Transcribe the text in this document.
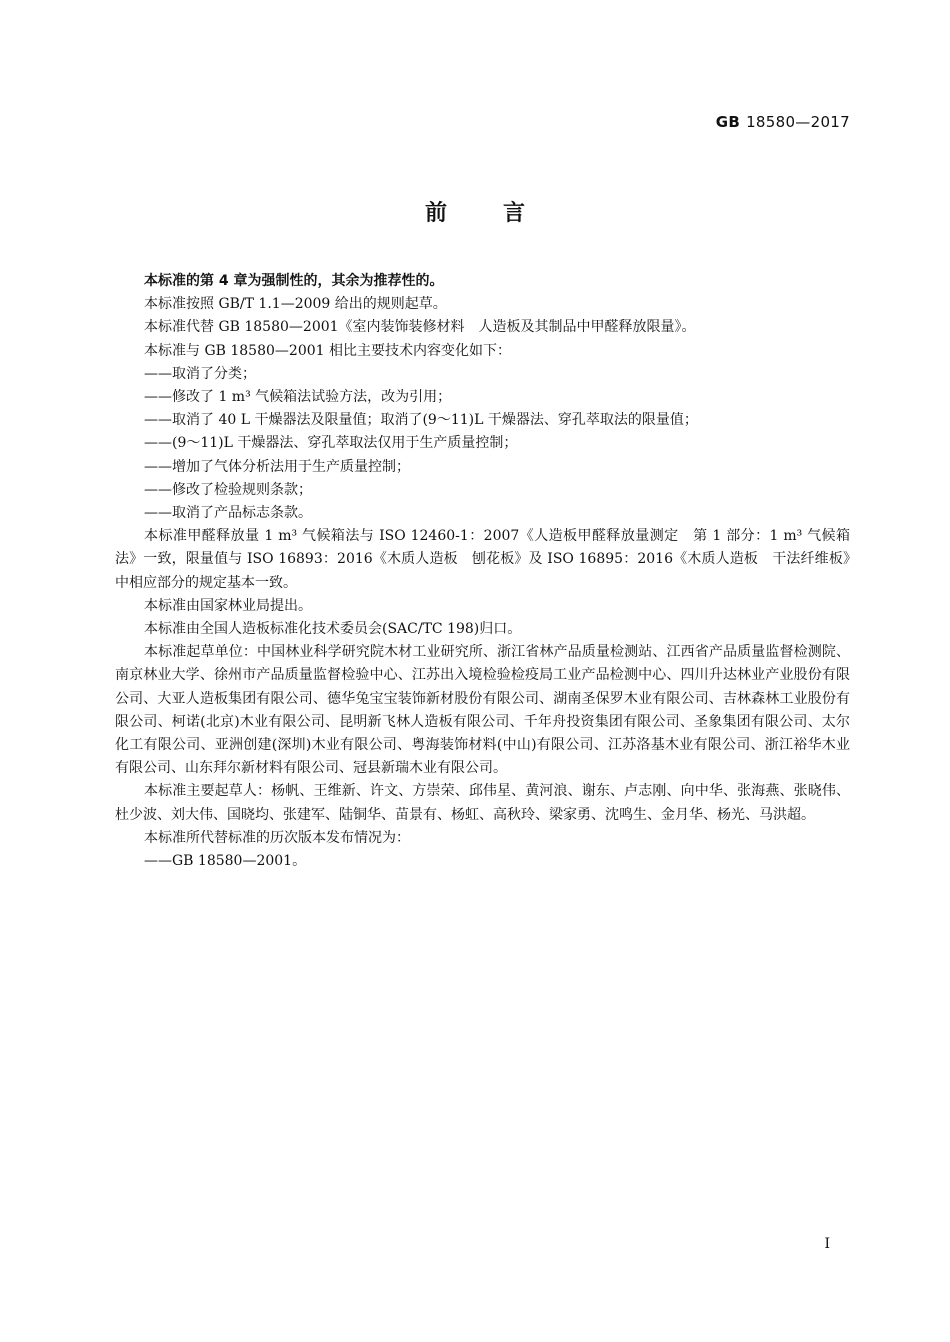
GB 18580—2017
前言
本标准的第 4 章为强制性的，其余为推荐性的。
本标准按照 GB/T 1.1—2009 给出的规则起草。
本标准代替 GB 18580—2001《室内装饰装修材料　人造板及其制品中甲醛释放限量》。
本标准与 GB 18580—2001 相比主要技术内容变化如下：
——取消了分类；
——修改了 1 m³ 气候箱法试验方法，改为引用；
——取消了 40 L 干燥器法及限量值；取消了(9～11)L 干燥器法、穿孔萃取法的限量值；
——(9～11)L 干燥器法、穿孔萃取法仅用于生产质量控制；
——增加了气体分析法用于生产质量控制；
——修改了检验规则条款；
——取消了产品标志条款。
本标准甲醛释放量 1 m³ 气候箱法与 ISO 12460-1：2007《人造板甲醛释放量测定　第 1 部分：1 m³ 气候箱法》一致，限量值与 ISO 16893：2016《木质人造板　刨花板》及 ISO 16895：2016《木质人造板　干法纤维板》中相应部分的规定基本一致。
本标准由国家林业局提出。
本标准由全国人造板标准化技术委员会(SAC/TC 198)归口。
本标准起草单位：中国林业科学研究院木材工业研究所、浙江省林产品质量检测站、江西省产品质量监督检测院、南京林业大学、徐州市产品质量监督检验中心、江苏出入境检验检疫局工业产品检测中心、四川升达林业产业股份有限公司、大亚人造板集团有限公司、德华兔宝宝装饰新材股份有限公司、湖南圣保罗木业有限公司、吉林森林工业股份有限公司、柯诺(北京)木业有限公司、昆明新飞林人造板有限公司、千年舟投资集团有限公司、圣象集团有限公司、太尔化工有限公司、亚洲创建(深圳)木业有限公司、粤海装饰材料(中山)有限公司、江苏洛基木业有限公司、浙江裕华木业有限公司、山东拜尔新材料有限公司、冠县新瑞木业有限公司。
本标准主要起草人：杨帆、王维新、许文、方崇荣、邱伟星、黄河浪、谢东、卢志刚、向中华、张海燕、张晓伟、杜少波、刘大伟、国晓均、张建军、陆铜华、苗景有、杨虹、高秋玲、梁家勇、沈鸣生、金月华、杨光、马洪超。
本标准所代替标准的历次版本发布情况为：
——GB 18580—2001。
I
